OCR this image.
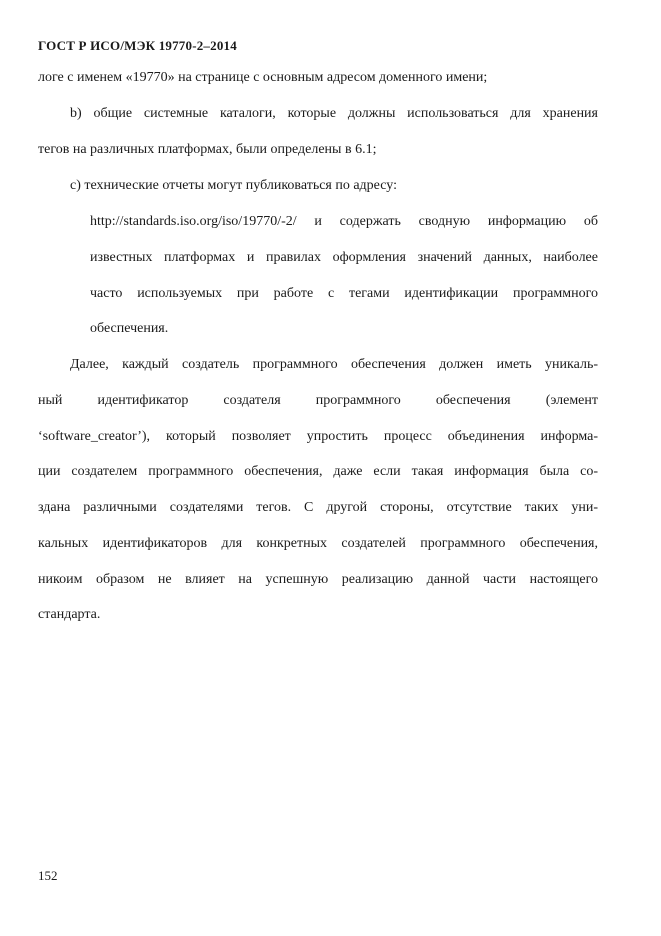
ГОСТ Р ИСО/МЭК 19770-2–2014
логе с именем «19770» на странице с основным адресом доменного имени;
b) общие системные каталоги, которые должны использоваться для хранения
тегов на различных платформах, были определены в 6.1;
c) технические отчеты могут публиковаться по адресу:
http://standards.iso.org/iso/19770/-2/ и содержать сводную информацию об
известных платформах и правилах оформления значений данных, наиболее
часто используемых при работе с тегами идентификации программного
обеспечения.
Далее, каждый создатель программного обеспечения должен иметь уникаль-
ный идентификатор создателя программного обеспечения (элемент
‘software_creator’), который позволяет упростить процесс объединения информа-
ции создателем программного обеспечения, даже если такая информация была со-
здана различными создателями тегов. С другой стороны, отсутствие таких уни-
кальных идентификаторов для конкретных создателей программного обеспечения,
никоим образом не влияет на успешную реализацию данной части настоящего
стандарта.
152
